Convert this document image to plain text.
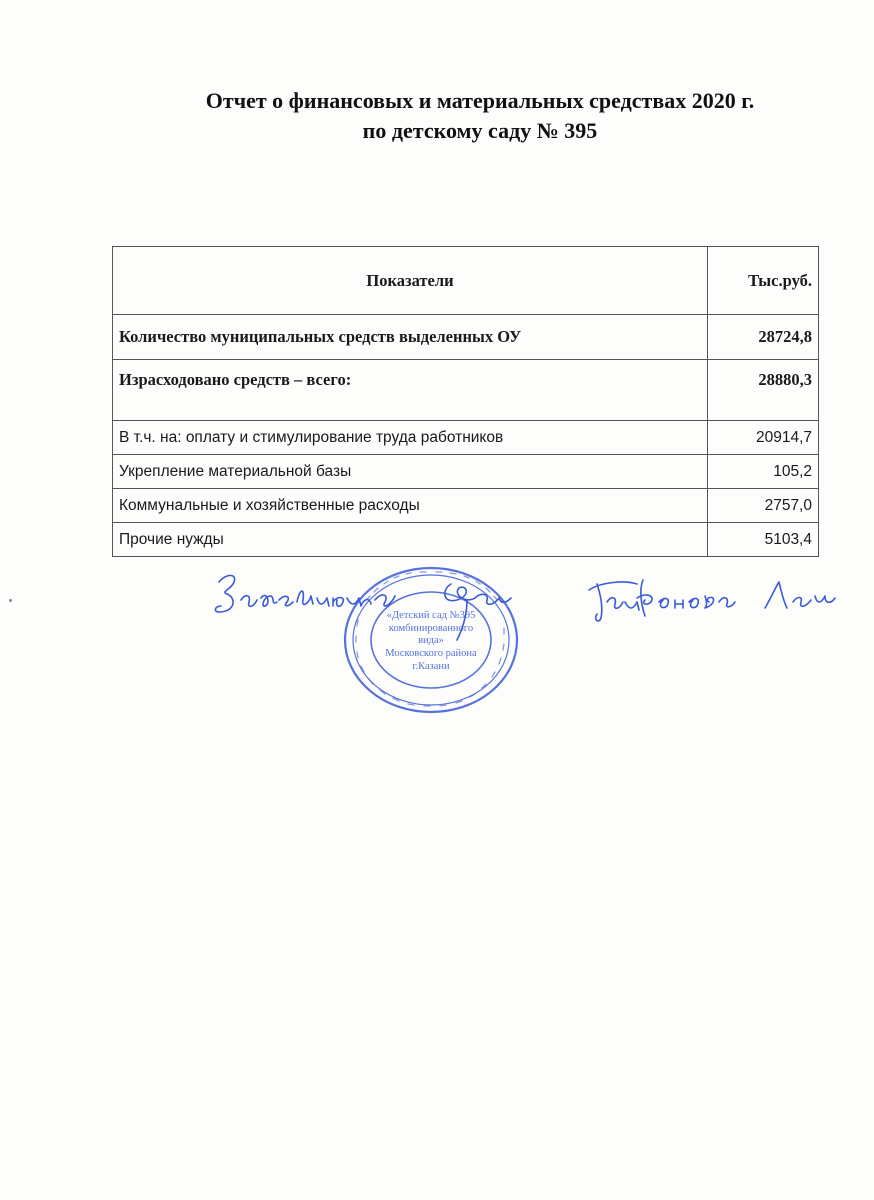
Отчет о финансовых и материальных средствах 2020 г.
по детскому саду № 395
Показатели	Тыс.руб.
Количество муниципальных средств выделенных ОУ	28724,8
Израсходовано средств – всего:	28880,3
В т.ч. на: оплату и стимулирование труда работников	20914,7
Укрепление материальной базы	105,2
Коммунальные и хозяйственные расходы	2757,0
Прочие нужды	5103,4
«Детский сад №395
комбинированного
вида»
Московского района
г.Казани
